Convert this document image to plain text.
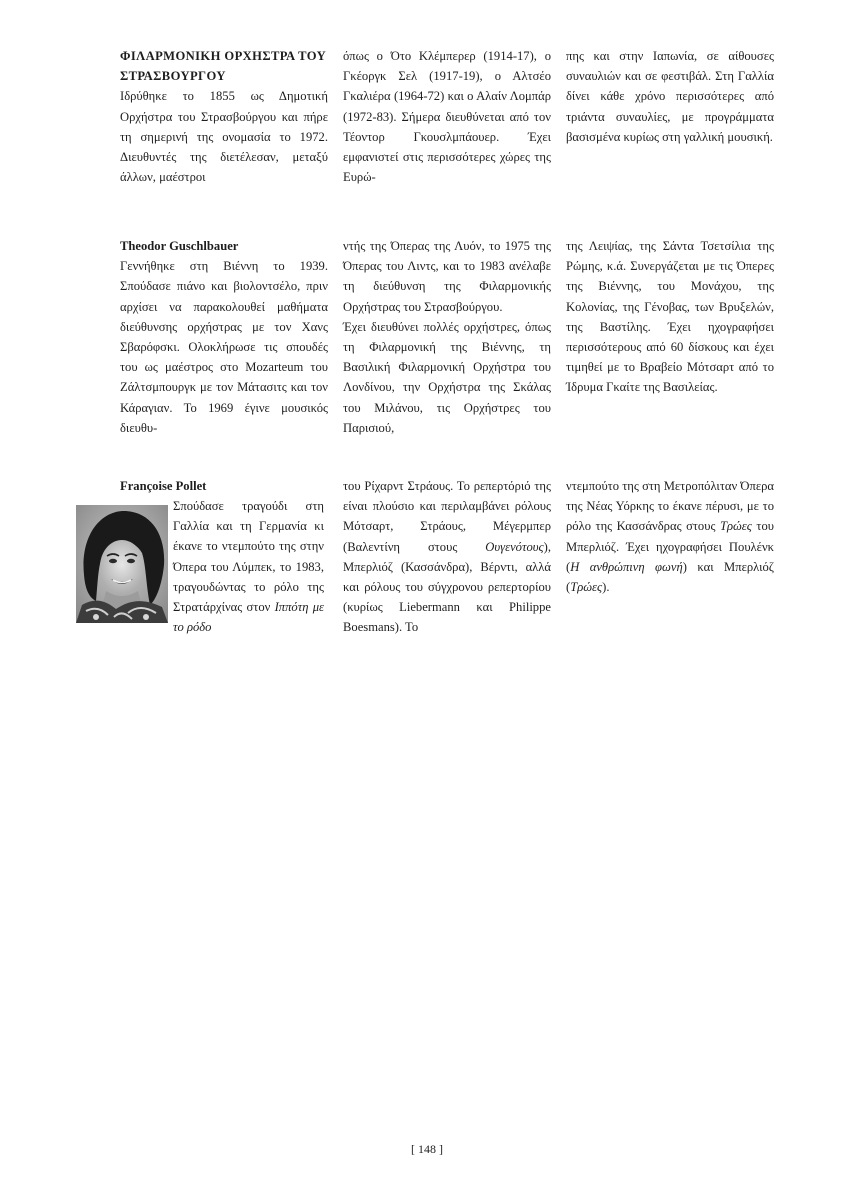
ΦΙΛΑΡΜΟΝΙΚΗ ΟΡΧΗΣΤΡΑ ΤΟΥ

ΣΤΡΑΣΒΟΥΡΓΟΥ

Ιδρύθηκε το 1855 ως Δημοτική Ορχήστρα του Στρασβούργου και πήρε τη σημερινή της ονομασία το 1972. Διευθυντές της διετέλεσαν, μεταξύ άλλων, μαέστροι

όπως ο Ότο Κλέμπερερ (1914-17), ο Γκέοργκ Σελ (1917-19), ο Αλτσέο Γκαλιέρα (1964-72) και ο Αλαίν Λομπάρ (1972-83). Σήμερα διευθύνεται από τον Τέοντορ Γκουσλμπάουερ. Έχει εμφανιστεί στις περισσότερες χώρες της Ευρώ-

πης και στην Ιαπωνία, σε αίθουσες συναυλιών και σε φεστιβάλ. Στη Γαλλία δίνει κάθε χρόνο περισσότερες από τριάντα συναυλίες, με προγράμματα βασισμένα κυρίως στη γαλλική μουσική.

Theodor Guschlbauer

Γεννήθηκε στη Βιέννη το 1939. Σπούδασε πιάνο και βιολοντσέλο, πριν αρχίσει να παρακολουθεί μαθήματα διεύθυνσης ορχήστρας με τον Χανς Σβαρόφσκι. Ολοκλήρωσε τις σπουδές του ως μαέστρος στο Mozarteum του Ζάλτσμπουργκ με τον Μάτασιτς και τον Κάραγιαν. Το 1969 έγινε μουσικός διευθυ-

ντής της Όπερας της Λυόν, το 1975 της Όπερας του Λιντς, και το 1983 ανέλαβε τη διεύθυνση της Φιλαρμονικής Ορχήστρας του Στρασβούργου.

Έχει διευθύνει πολλές ορχήστρες, όπως τη Φιλαρμονική της Βιέννης, τη Βασιλική Φιλαρμονική Ορχήστρα του Λονδίνου, την Ορχήστρα της Σκάλας του Μιλάνου, τις Ορχήστρες του Παρισιού,

της Λειψίας, της Σάντα Τσετσίλια της Ρώμης, κ.ά. Συνεργάζεται με τις Όπερες της Βιέννης, του Μονάχου, της Κολονίας, της Γένοβας, των Βρυξελών, της Βαστίλης. Έχει ηχογραφήσει περισσότερους από 60 δίσκους και έχει τιμηθεί με το Βραβείο Μότσαρτ από το Ίδρυμα Γκαίτε της Βασιλείας.

Françoise Pollet

Σπούδασε τραγούδι στη Γαλλία και τη Γερμανία κι έκανε το ντεμπούτο της στην Όπερα του Λύμπεκ, το 1983, τραγουδώντας το ρόλο της Στρατάρχίνας στον Ιππότη με το ρόδο

του Ρίχαρντ Στράους. Το ρεπερτόριό της είναι πλούσιο και περιλαμβάνει ρόλους Μότσαρτ, Στράους, Μέγερμπερ (Βαλεντίνη στους Ουγενότους), Μπερλιόζ (Κασσάνδρα), Βέρντι, αλλά και ρόλους του σύγχρονου ρεπερτορίου (κυρίως Liebermann και Philippe Boesmans). Το

ντεμπούτο της στη Μετροπόλιταν Όπερα της Νέας Υόρκης το έκανε πέρυσι, με το ρόλο της Κασσάνδρας στους Τρώες του Μπερλιόζ. Έχει ηχογραφήσει Πουλένκ (Η ανθρώπινη φωνή) και Μπερλιόζ (Τρώες).

[ 148 ]
